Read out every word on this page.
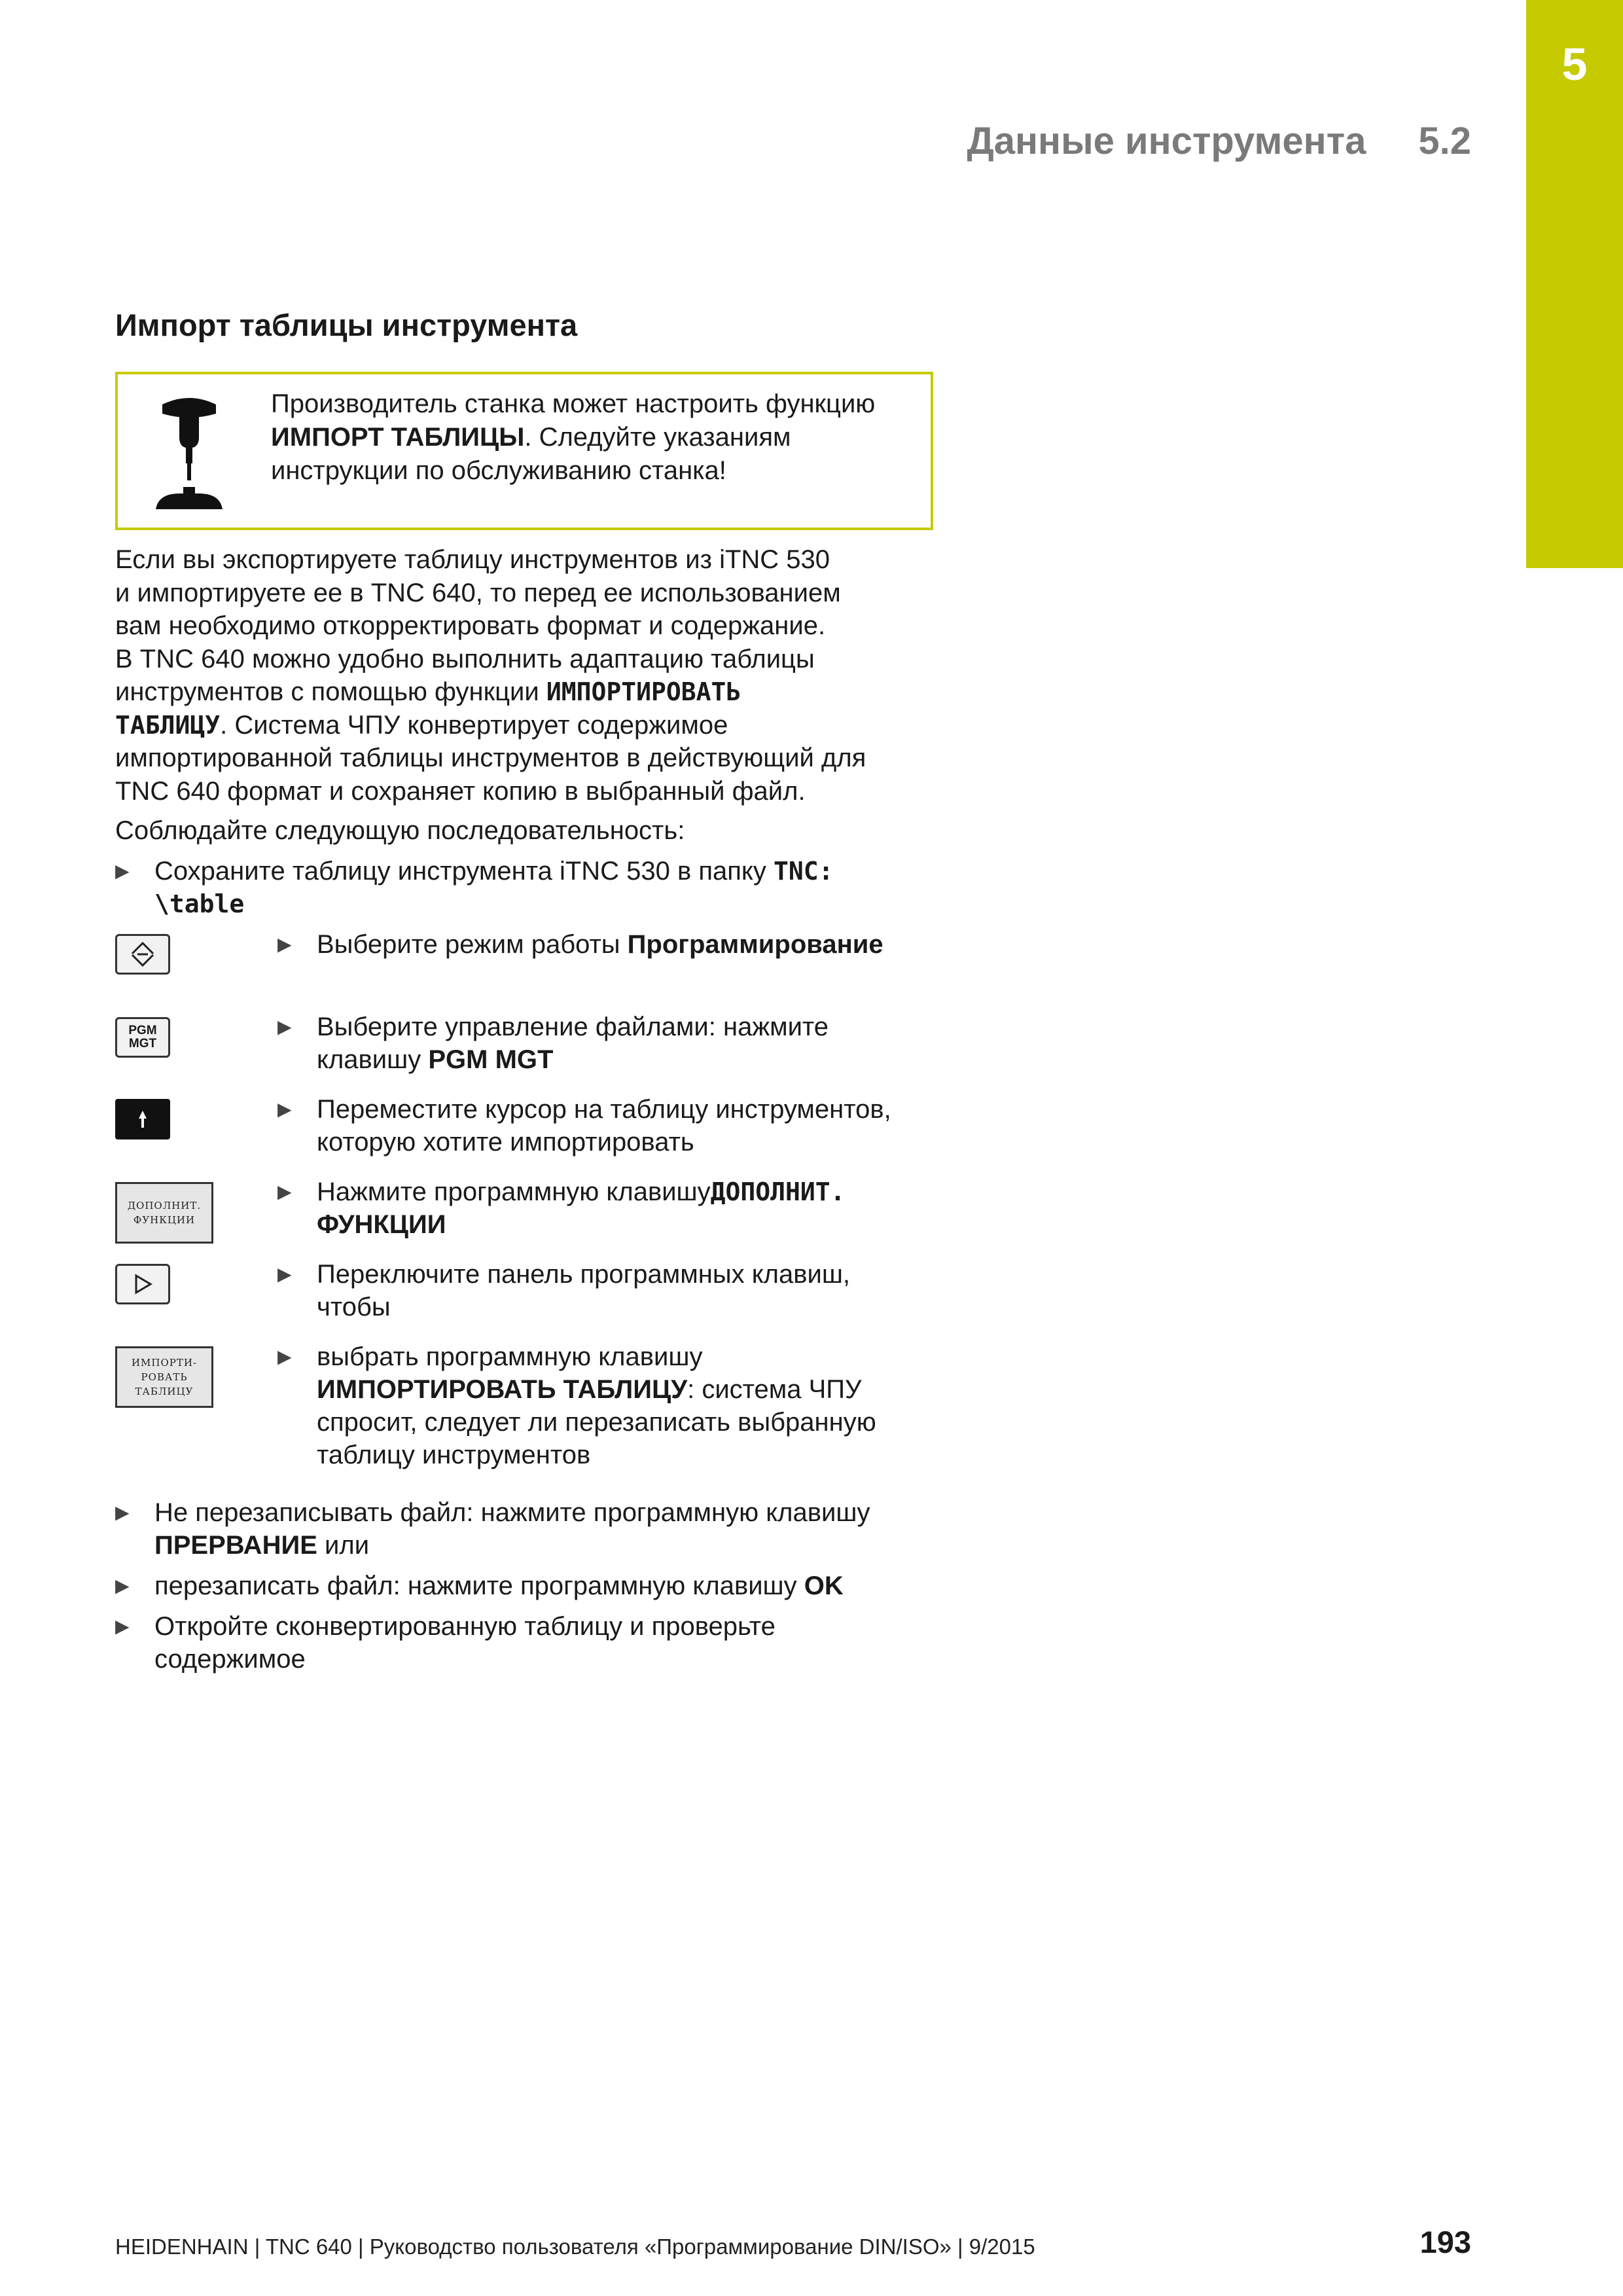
5
Данные инструмента 5.2
Импорт таблицы инструмента
Производитель станка может настроить функцию
ИМПОРТ ТАБЛИЦЫ. Следуйте указаниям
инструкции по обслуживанию станка!
Если вы экспортируете таблицу инструментов из iTNC 530
и импортируете ее в TNC 640, то перед ее использованием
вам необходимо откорректировать формат и содержание.
В TNC 640 можно удобно выполнить адаптацию таблицы
инструментов с помощью функции ИМПОРТИРОВАТЬ
ТАБЛИЦУ. Система ЧПУ конвертирует содержимое
импортированной таблицы инструментов в действующий для
TNC 640 формат и сохраняет копию в выбранный файл.
Соблюдайте следующую последовательность:
▶ Сохраните таблицу инструмента iTNC 530 в папку TNC:
\table
▶ Выберите режим работы Программирование
PGM
MGT
▶ Выберите управление файлами: нажмите
клавишу PGM MGT
▶ Переместите курсор на таблицу инструментов,
которую хотите импортировать
ДОПОЛНИТ.
ФУНКЦИИ
▶ Нажмите программную клавишуДОПОЛНИТ.
ФУНКЦИИ
▶ Переключите панель программных клавиш,
чтобы
ИМПОРТИ-
РОВАТЬ
ТАБЛИЦУ
▶ выбрать программную клавишу
ИМПОРТИРОВАТЬ ТАБЛИЦУ: система ЧПУ
спросит, следует ли перезаписать выбранную
таблицу инструментов
▶ Не перезаписывать файл: нажмите программную клавишу
ПРЕРВАНИЕ или
▶ перезаписать файл: нажмите программную клавишу OK
▶ Откройте сконвертированную таблицу и проверьте
содержимое
HEIDENHAIN | TNC 640 | Руководство пользователя «Программирование DIN/ISO» | 9/2015	193
